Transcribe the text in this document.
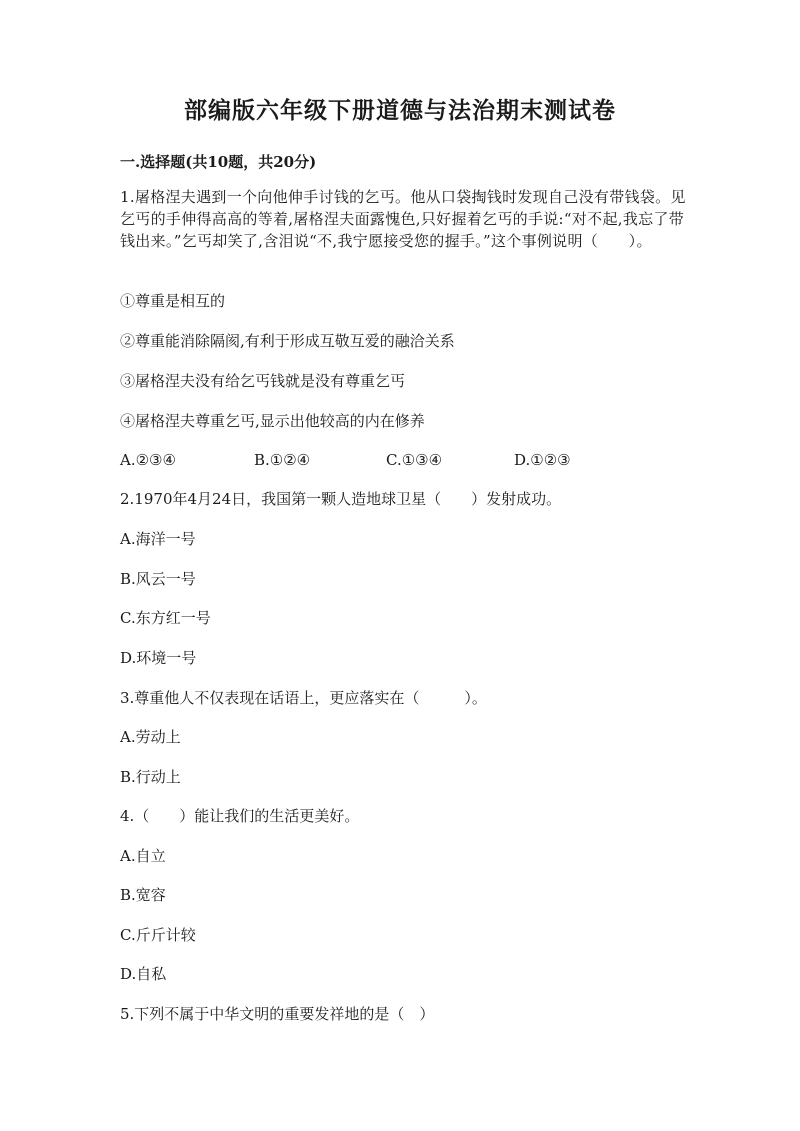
部编版六年级下册道德与法治期末测试卷
一.选择题(共10题，共20分)
1.屠格涅夫遇到一个向他伸手讨钱的乞丐。他从口袋掏钱时发现自己没有带钱袋。见乞丐的手伸得高高的等着,屠格涅夫面露愧色,只好握着乞丐的手说:“对不起,我忘了带钱出来。”乞丐却笑了,含泪说“不,我宁愿接受您的握手。”这个事例说明（　　）。
①尊重是相互的
②尊重能消除隔阂,有利于形成互敬互爱的融洽关系
③屠格涅夫没有给乞丐钱就是没有尊重乞丐
④屠格涅夫尊重乞丐,显示出他较高的内在修养
A.②③④	B.①②④	C.①③④	D.①②③
2.1970年4月24日，我国第一颗人造地球卫星（　　）发射成功。
A.海洋一号
B.风云一号
C.东方红一号
D.环境一号
3.尊重他人不仅表现在话语上，更应落实在（　　　）。
A.劳动上
B.行动上
4.（　　）能让我们的生活更美好。
A.自立
B.宽容
C.斤斤计较
D.自私
5.下列不属于中华文明的重要发祥地的是（　）
